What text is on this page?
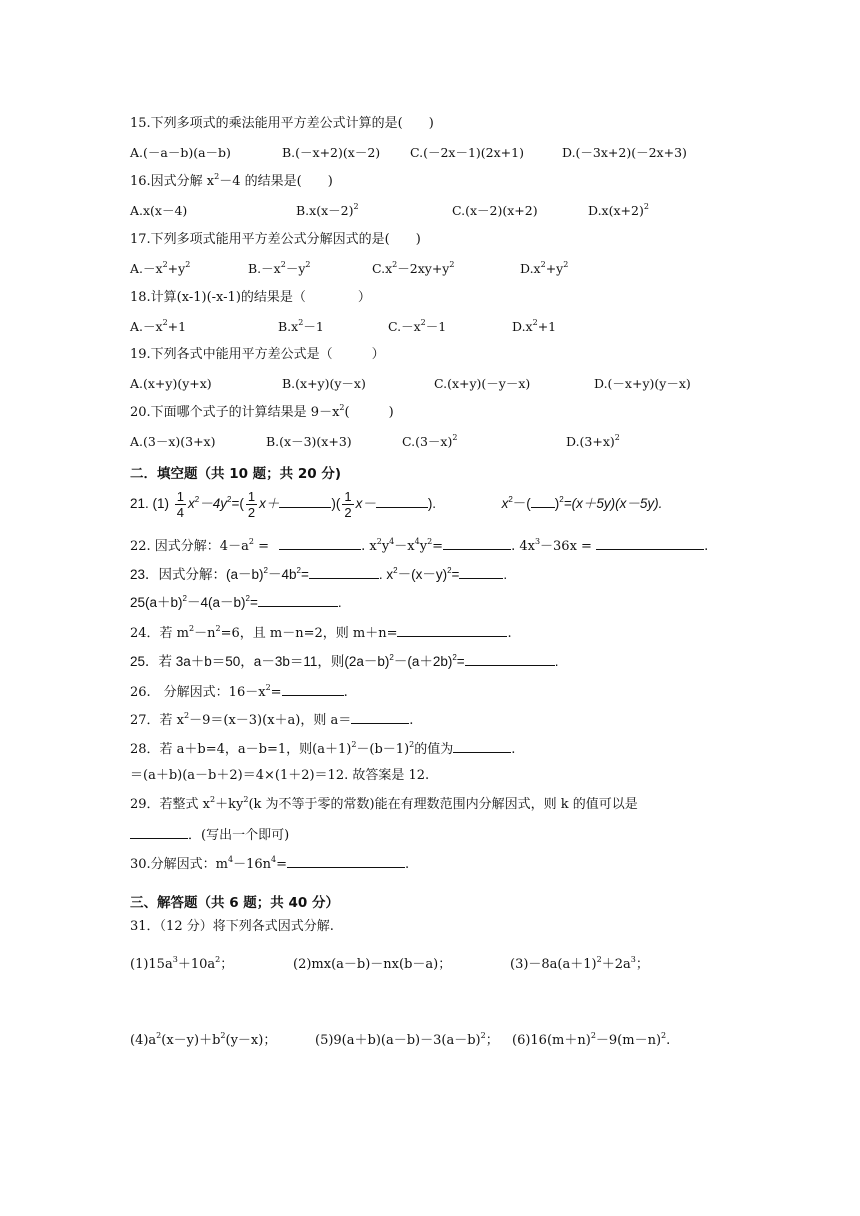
15.下列多项式的乘法能用平方差公式计算的是(　　)
A.(－a－b)(a－b)	B.(－x+2)(x－2) C.(－2x－1)(2x+1)	D.(－3x+2)(－2x+3)
16.因式分解 $x^2-4$ 的结果是(　　)
A.x(x－4)	$B.x(x-2)^2$	C.(x－2)(x+2)	$D.x(x+2)^2$
17.下列多项式能用平方差公式分解因式的是(　　)
$A.-x^2+y^2$	$B.-x^2-y^2$	$C.x^2-2xy+y^2$	$D.x^2+y^2$
18.计算(x-1)(-x-1)的结果是（　　　　）
$A.-x^2+1$	$B.x^2-1$	$C.-x^2-1$	$D.x^2+1$
19.下列各式中能用平方差公式是（　　　）
A.(x+y)(y+x)	B.(x+y)(y－x)	C.(x+y)(－y－x)	D.(－x+y)(y－x)
20.下面哪个式子的计算结果是 $9-x^2$(　　　)
A.(3－x)(3+x)	B.(x－3)(x+3)	$C.(3-x)^2$	$D.(3+x)^2$
二．填空题（共 10 题；共 20 分)
21. $(1) \frac{1}{4} x^2-4y^2=( \frac{1}{2} x+$	)( $\frac{1}{2} x-$	).	$x^2-$( )$^2$=(x＋5y)(x－5y).
22. 因式分解：$4-a^2$ =	. $x^2y^4-x^4y^2=$	. $4x^3-36x$ =	.
23．因式分解：$(a-b)^2-4b^2=$	. $x^2-(x-y)^2=$	.
$25(a+b)^2-4(a-b)^2=$	.
24．若 $m^2-n^2=6$，且 m－n=2，则 m＋n=	.
25．若 3a＋b＝50，a－3b＝11，则$(2a-b)^2-(a+2b)^2=$	.
26.　分解因式：$16-x^2=$	.
27．若 $x^2-9=(x-3)(x+a)$，则 a＝	.
28．若 a＋b=4，a－b=1，则$(a+1)^2-(b-1)^2$的值为	.
＝(a＋b)(a－b＋2)＝4×(1＋2)＝12. 故答案是 12.
29．若整式 $x^2+ky^2(k$ 为不等于零的常数)能在有理数范围内分解因式，则 k 的值可以是
．(写出一个即可)
30.分解因式：$m^4-16n^4=$	.
三、解答题（共 6 题；共 40 分）
31．（12 分）将下列各式因式分解.
$(1)15a^3+10a^2$；	(2)mx(a－b)－nx(b－a)；	$(3)-8a(a+1)^2+2a^3$；
$(4)a^2(x-y)+b^2(y-x)$；	$(5)9(a+b)(a-b)-3(a-b)^2$； $(6)16(m+n)^2-9(m-n)^2$.
